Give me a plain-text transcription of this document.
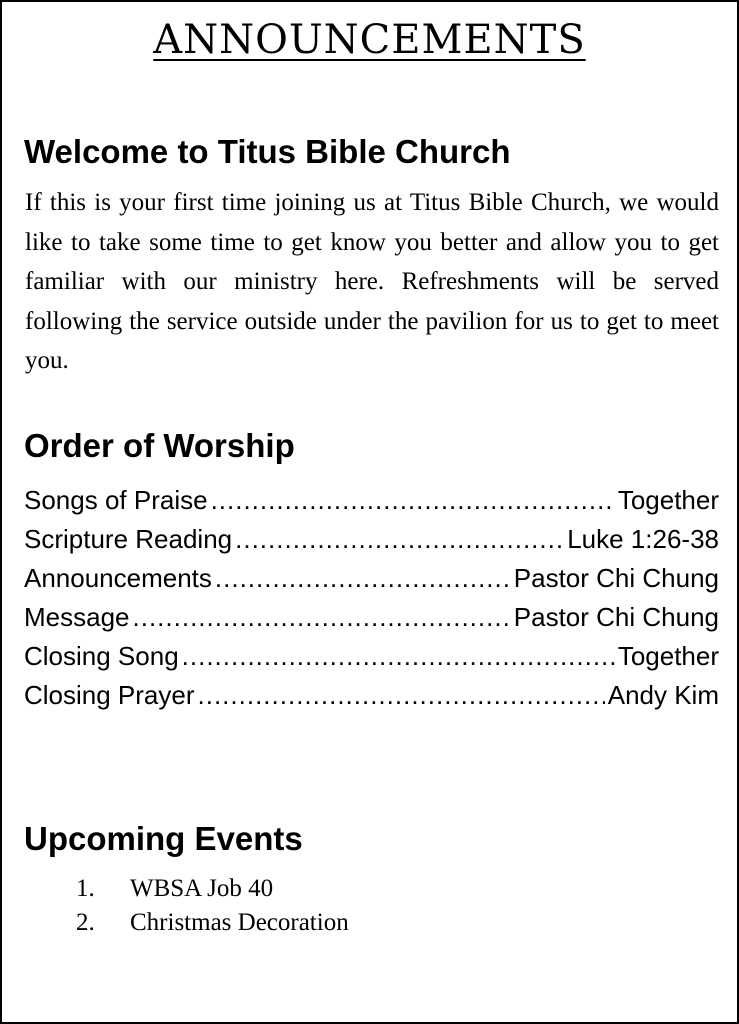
ANNOUNCEMENTS
Welcome to Titus Bible Church

If this is your first time joining us at Titus Bible Church, we would like to take some time to get know you better and allow you to get familiar with our ministry here. Refreshments will be served following the service outside under the pavilion for us to get to meet you.

Order of Worship
Songs of Praise .....	Together
Scripture Reading .....	Luke 1:26-38
Announcements .....	Pastor Chi Chung
Message .....	Pastor Chi Chung
Closing Song .....	Together
Closing Prayer .....	Andy Kim
Upcoming Events
1.	WBSA Job 40
2.	Christmas Decoration
